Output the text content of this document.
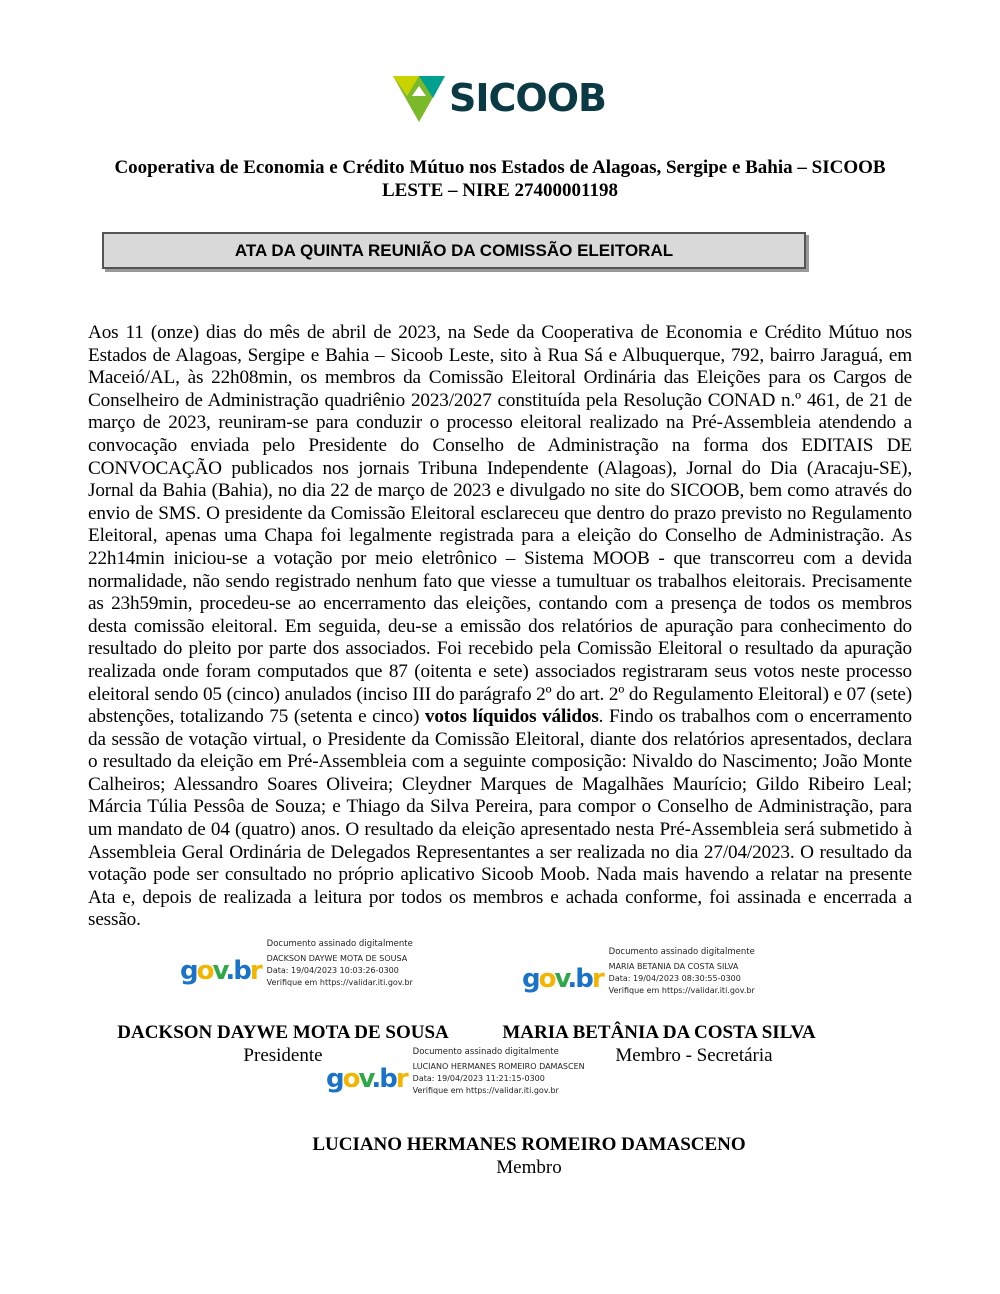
SICOOB
Cooperativa de Economia e Crédito Mútuo nos Estados de Alagoas, Sergipe e Bahia – SICOOB LESTE – NIRE 27400001198
ATA DA QUINTA REUNIÃO DA COMISSÃO ELEITORAL
Aos 11 (onze) dias do mês de abril de 2023, na Sede da Cooperativa de Economia e Crédito Mútuo nos Estados de Alagoas, Sergipe e Bahia – Sicoob Leste, sito à Rua Sá e Albuquerque, 792, bairro Jaraguá, em Maceió/AL, às 22h08min, os membros da Comissão Eleitoral Ordinária das Eleições para os Cargos de Conselheiro de Administração quadriênio 2023/2027 constituída pela Resolução CONAD n.º 461, de 21 de março de 2023, reuniram-se para conduzir o processo eleitoral realizado na Pré-Assembleia atendendo a convocação enviada pelo Presidente do Conselho de Administração na forma dos EDITAIS DE CONVOCAÇÃO publicados nos jornais Tribuna Independente (Alagoas), Jornal do Dia (Aracaju-SE), Jornal da Bahia (Bahia), no dia 22 de março de 2023 e divulgado no site do SICOOB, bem como através do envio de SMS. O presidente da Comissão Eleitoral esclareceu que dentro do prazo previsto no Regulamento Eleitoral, apenas uma Chapa foi legalmente registrada para a eleição do Conselho de Administração. As 22h14min iniciou-se a votação por meio eletrônico – Sistema MOOB - que transcorreu com a devida normalidade, não sendo registrado nenhum fato que viesse a tumultuar os trabalhos eleitorais. Precisamente as 23h59min, procedeu-se ao encerramento das eleições, contando com a presença de todos os membros desta comissão eleitoral. Em seguida, deu-se a emissão dos relatórios de apuração para conhecimento do resultado do pleito por parte dos associados. Foi recebido pela Comissão Eleitoral o resultado da apuração realizada onde foram computados que 87 (oitenta e sete) associados registraram seus votos neste processo eleitoral sendo 05 (cinco) anulados (inciso III do parágrafo 2º do art. 2º do Regulamento Eleitoral) e 07 (sete) abstenções, totalizando 75 (setenta e cinco) votos líquidos válidos. Findo os trabalhos com o encerramento da sessão de votação virtual, o Presidente da Comissão Eleitoral, diante dos relatórios apresentados, declara o resultado da eleição em Pré-Assembleia com a seguinte composição: Nivaldo do Nascimento; João Monte Calheiros; Alessandro Soares Oliveira; Cleydner Marques de Magalhães Maurício; Gildo Ribeiro Leal; Márcia Túlia Pessôa de Souza; e Thiago da Silva Pereira, para compor o Conselho de Administração, para um mandato de 04 (quatro) anos. O resultado da eleição apresentado nesta Pré-Assembleia será submetido à Assembleia Geral Ordinária de Delegados Representantes a ser realizada no dia 27/04/2023. O resultado da votação pode ser consultado no próprio aplicativo Sicoob Moob. Nada mais havendo a relatar na presente Ata e, depois de realizada a leitura por todos os membros e achada conforme, foi assinada e encerrada a sessão.
gov.br
Documento assinado digitalmente
DACKSON DAYWE MOTA DE SOUSA
Data: 19/04/2023 10:03:26-0300
Verifique em https://validar.iti.gov.br	gov.br
Documento assinado digitalmente
MARIA BETANIA DA COSTA SILVA
Data: 19/04/2023 08:30:55-0300
Verifique em https://validar.iti.gov.br
DACKSON DAYWE MOTA DE SOUSA
Presidente
MARIA BETÂNIA DA COSTA SILVA
Membro - Secretária
gov.br
Documento assinado digitalmente
LUCIANO HERMANES ROMEIRO DAMASCEN
Data: 19/04/2023 11:21:15-0300
Verifique em https://validar.iti.gov.br
LUCIANO HERMANES ROMEIRO DAMASCENO
Membro
